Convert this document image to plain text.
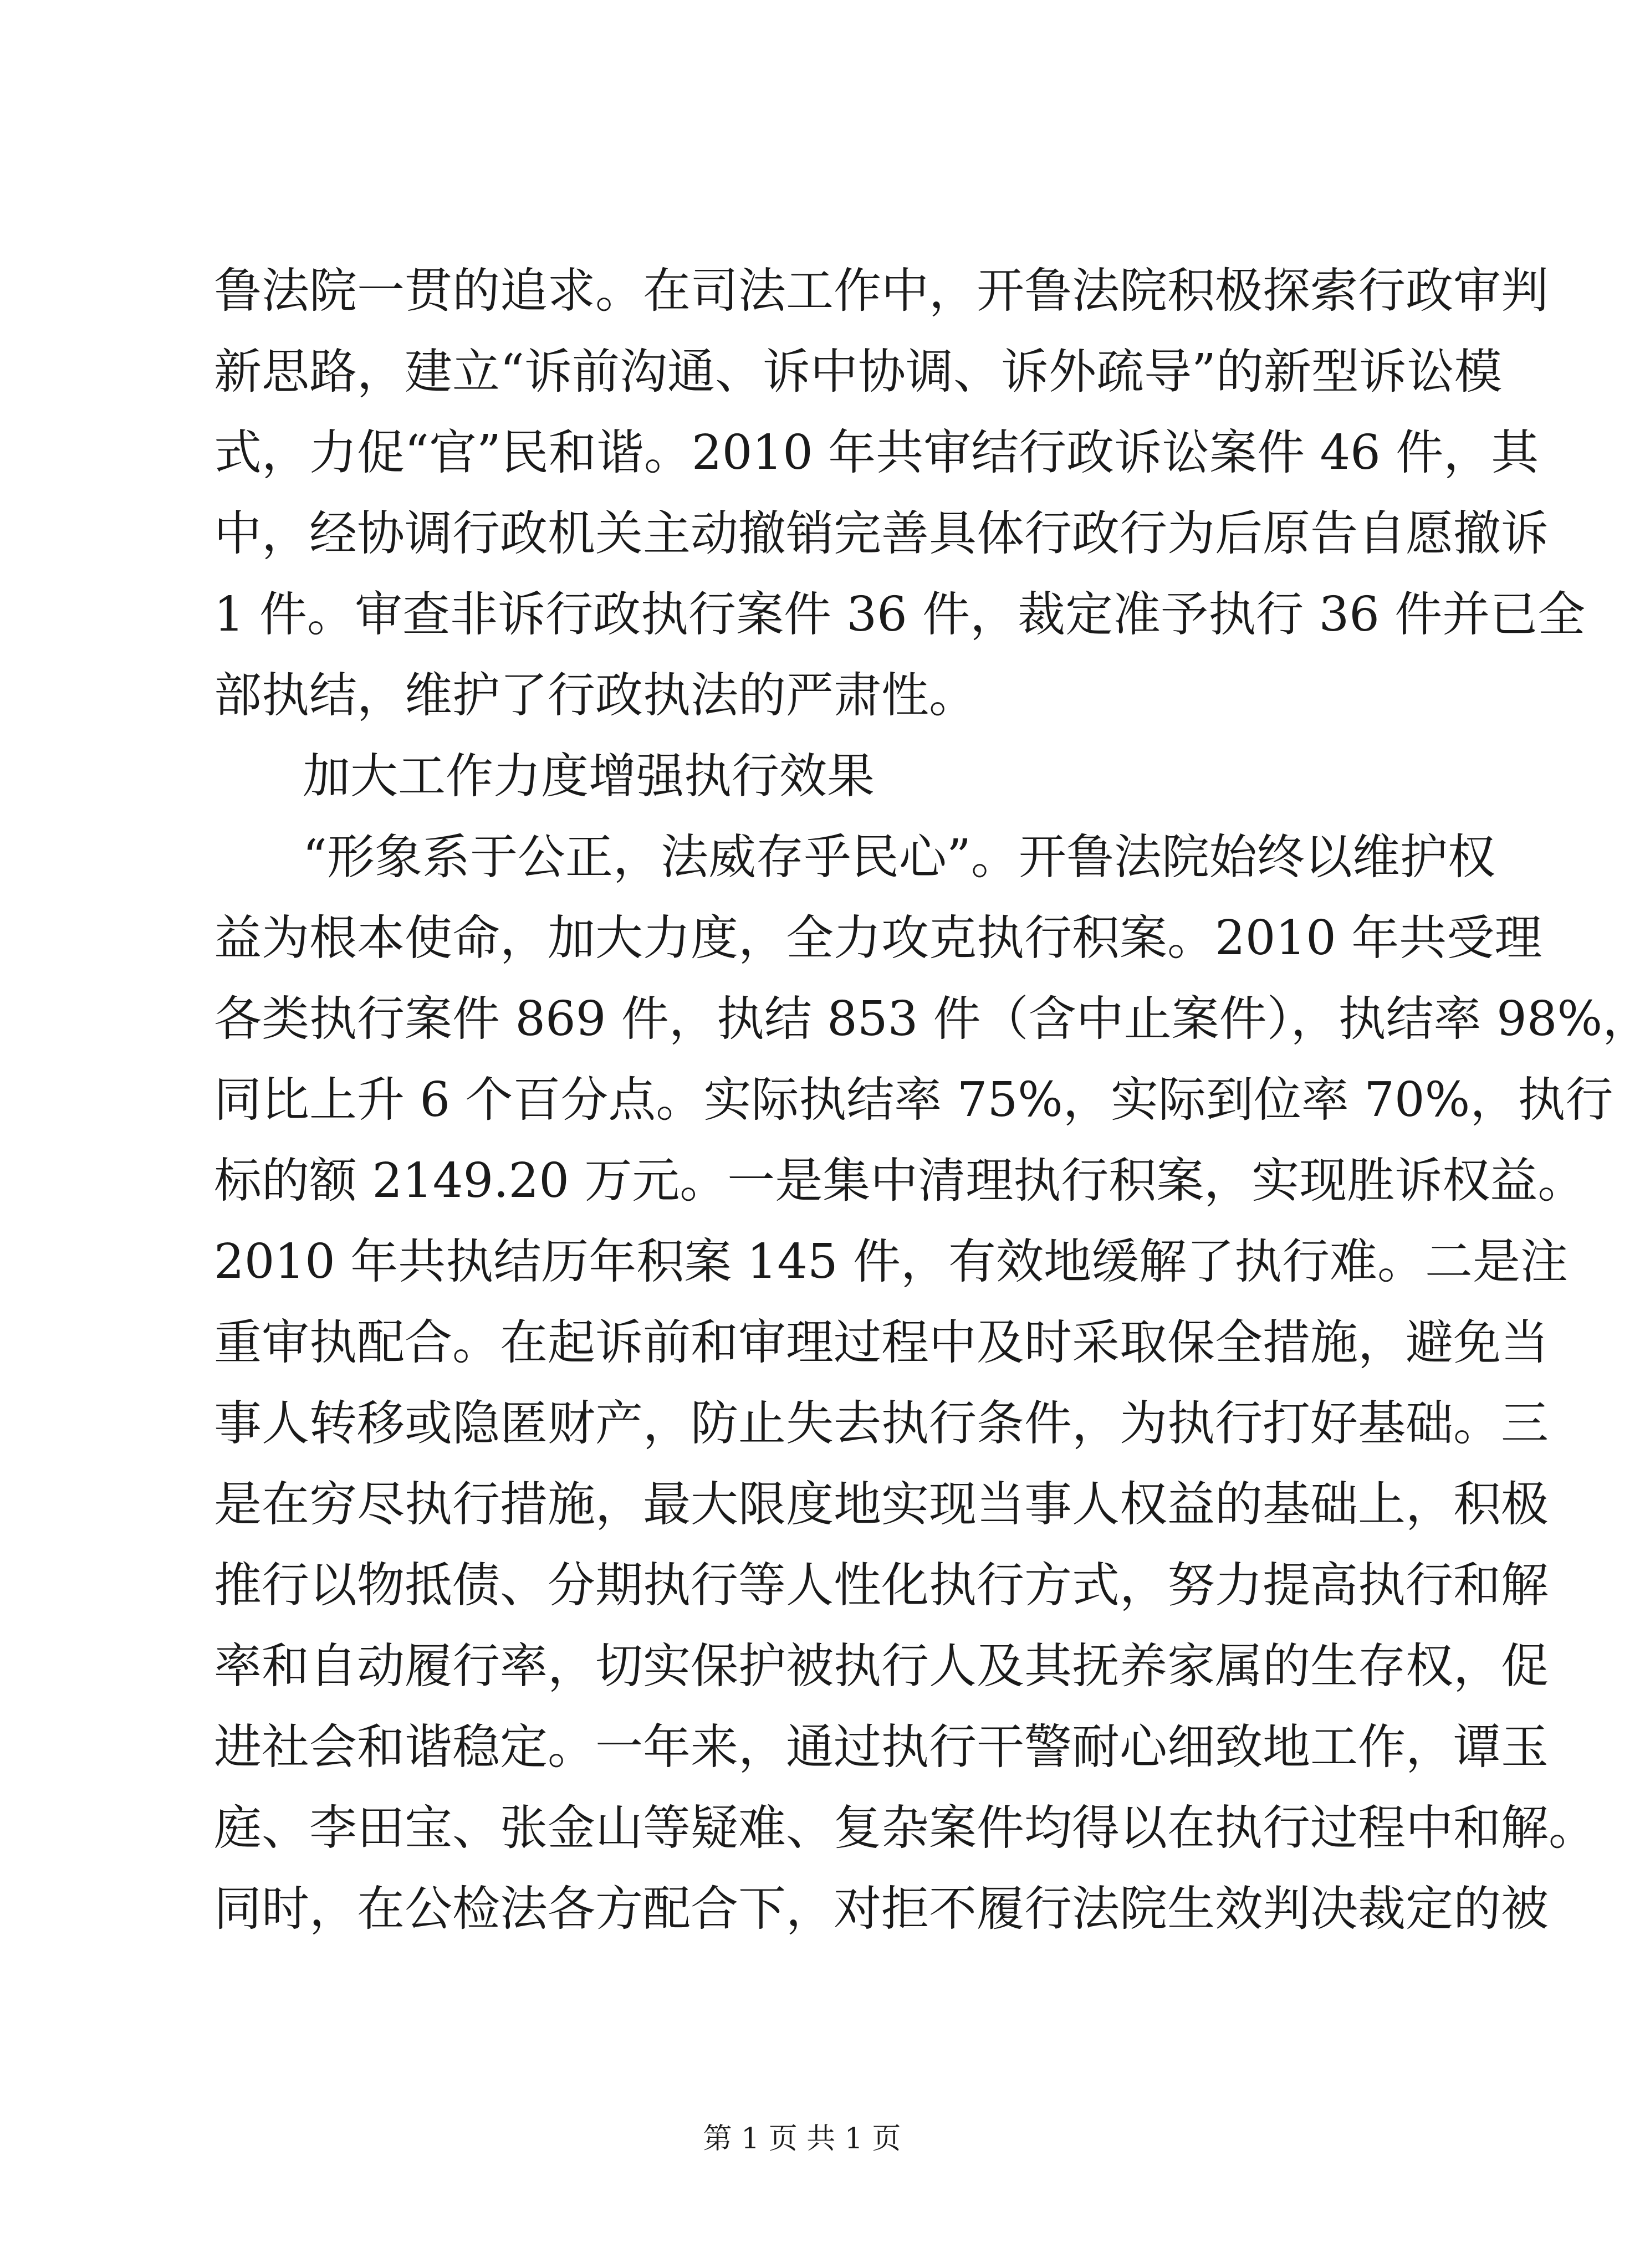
鲁法院一贯的追求。在司法工作中，开鲁法院积极探索行政审判
新思路，建立“诉前沟通、诉中协调、诉外疏导”的新型诉讼模
式，力促“官”民和谐。2010 年共审结行政诉讼案件 46 件，其
中，经协调行政机关主动撤销完善具体行政行为后原告自愿撤诉
1 件。审查非诉行政执行案件 36 件，裁定准予执行 36 件并已全
部执结，维护了行政执法的严肃性。
加大工作力度增强执行效果
“形象系于公正，法威存乎民心”。开鲁法院始终以维护权
益为根本使命，加大力度，全力攻克执行积案。2010 年共受理
各类执行案件 869 件，执结 853 件（含中止案件），执结率 98%，
同比上升 6 个百分点。实际执结率 75%，实际到位率 70%，执行
标的额 2149.20 万元。一是集中清理执行积案，实现胜诉权益。
2010 年共执结历年积案 145 件，有效地缓解了执行难。二是注
重审执配合。在起诉前和审理过程中及时采取保全措施，避免当
事人转移或隐匿财产，防止失去执行条件，为执行打好基础。三
是在穷尽执行措施，最大限度地实现当事人权益的基础上，积极
推行以物抵债、分期执行等人性化执行方式，努力提高执行和解
率和自动履行率，切实保护被执行人及其抚养家属的生存权，促
进社会和谐稳定。一年来，通过执行干警耐心细致地工作，谭玉
庭、李田宝、张金山等疑难、复杂案件均得以在执行过程中和解。
同时，在公检法各方配合下，对拒不履行法院生效判决裁定的被
第 1 页 共 1 页
